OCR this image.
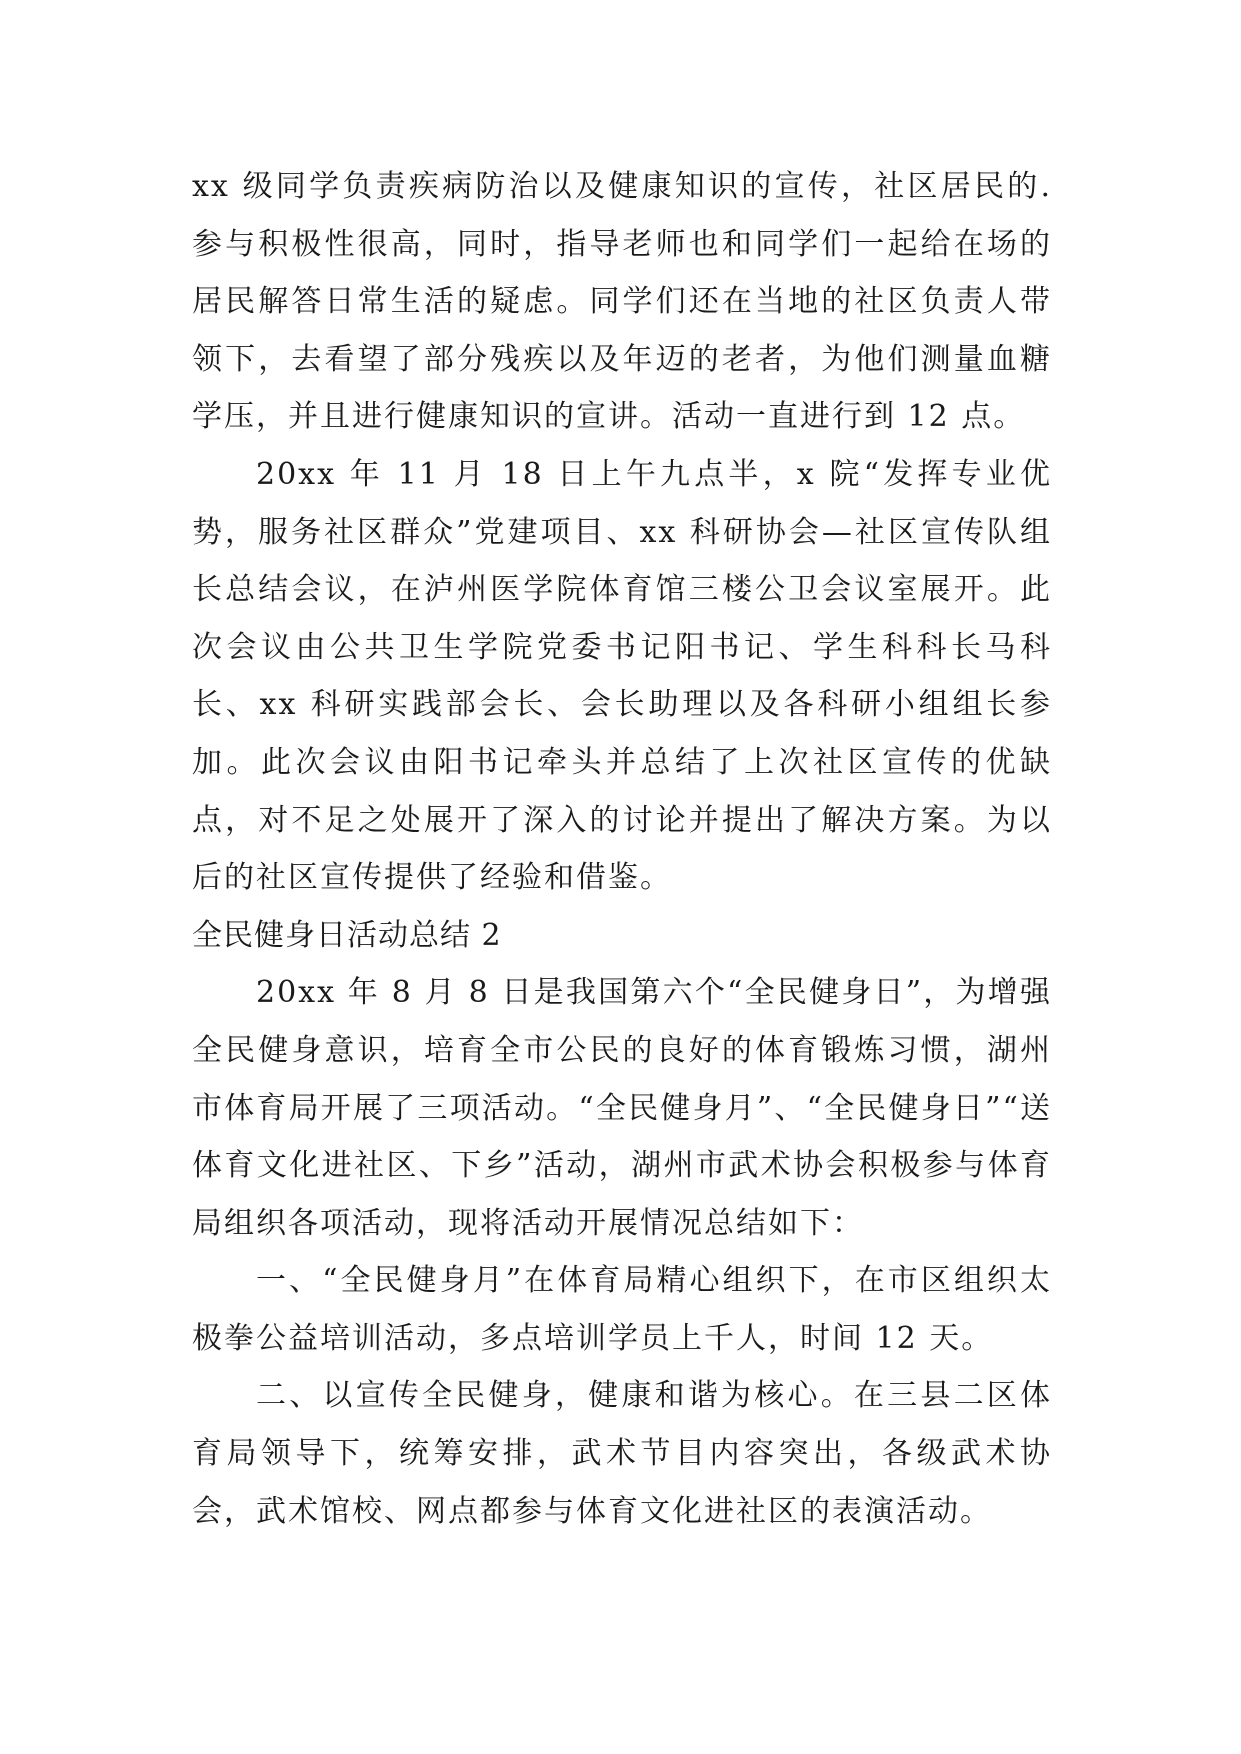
xx 级同学负责疾病防治以及健康知识的宣传，社区居民的. 参与积极性很高，同时，指导老师也和同学们一起给在场的居民解答日常生活的疑虑。同学们还在当地的社区负责人带领下，去看望了部分残疾以及年迈的老者，为他们测量血糖学压，并且进行健康知识的宣讲。活动一直进行到 12 点。

20xx 年 11 月 18 日上午九点半，x 院“发挥专业优势，服务社区群众”党建项目、xx 科研协会—社区宣传队组长总结会议，在泸州医学院体育馆三楼公卫会议室展开。此次会议由公共卫生学院党委书记阳书记、学生科科长马科长、xx 科研实践部会长、会长助理以及各科研小组组长参加。此次会议由阳书记牵头并总结了上次社区宣传的优缺点，对不足之处展开了深入的讨论并提出了解决方案。为以后的社区宣传提供了经验和借鉴。

全民健身日活动总结 2

20xx 年 8 月 8 日是我国第六个“全民健身日”，为增强全民健身意识，培育全市公民的良好的体育锻炼习惯，湖州市体育局开展了三项活动。“全民健身月”、“全民健身日”“送体育文化进社区、下乡”活动，湖州市武术协会积极参与体育局组织各项活动，现将活动开展情况总结如下：

一、“全民健身月”在体育局精心组织下，在市区组织太极拳公益培训活动，多点培训学员上千人，时间 12 天。

二、以宣传全民健身，健康和谐为核心。在三县二区体育局领导下，统筹安排，武术节目内容突出，各级武术协会，武术馆校、网点都参与体育文化进社区的表演活动。
